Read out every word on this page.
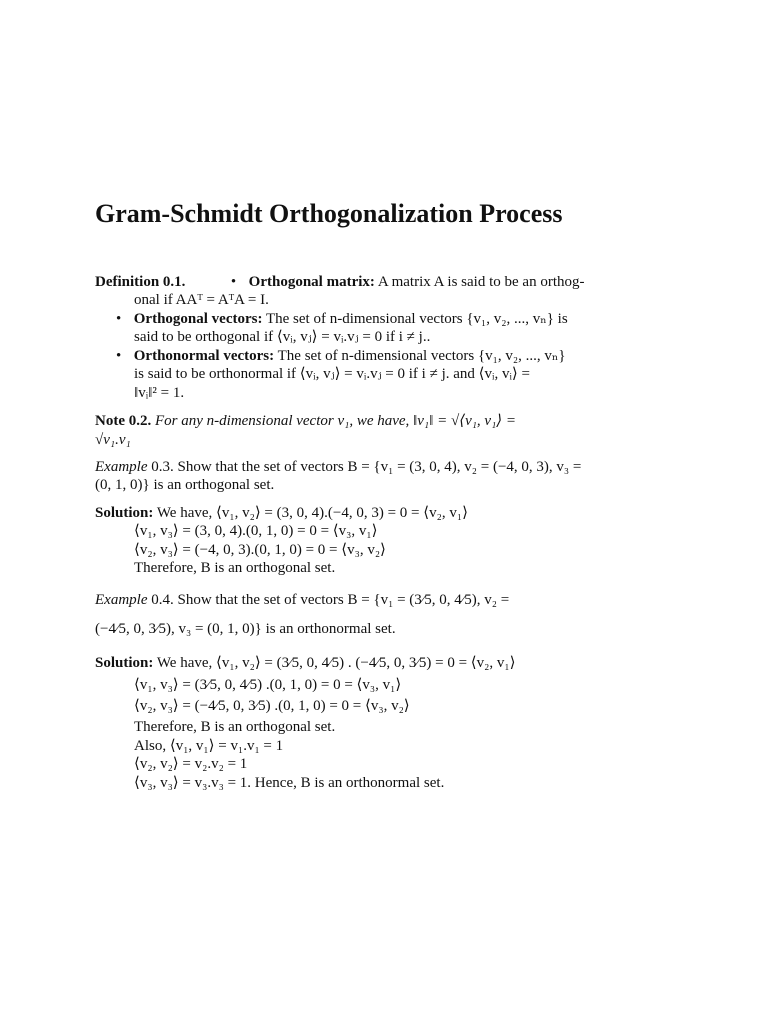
Gram-Schmidt Orthogonalization Process
Definition 0.1.	• Orthogonal matrix: A matrix A is said to be an orthog-
onal if AAᵀ = AᵀA = I.
• Orthogonal vectors: The set of n-dimensional vectors {v₁, v₂, ..., vₙ} is
said to be orthogonal if ⟨vᵢ, vⱼ⟩ = vᵢ.vⱼ = 0 if i ≠ j..
• Orthonormal vectors: The set of n-dimensional vectors {v₁, v₂, ..., vₙ}
is said to be orthonormal if ⟨vᵢ, vⱼ⟩ = vᵢ.vⱼ = 0 if i ≠ j. and ⟨vᵢ, vᵢ⟩ =
‖vᵢ‖² = 1.
Note 0.2. For any n-dimensional vector v₁, we have, ‖v₁‖ = √⟨v₁, v₁⟩ =
√v₁.v₁
Example 0.3. Show that the set of vectors B = {v₁ = (3, 0, 4), v₂ = (−4, 0, 3), v₃ =
(0, 1, 0)} is an orthogonal set.
Solution: We have, ⟨v₁, v₂⟩ = (3, 0, 4).(−4, 0, 3) = 0 = ⟨v₂, v₁⟩
⟨v₁, v₃⟩ = (3, 0, 4).(0, 1, 0) = 0 = ⟨v₃, v₁⟩
⟨v₂, v₃⟩ = (−4, 0, 3).(0, 1, 0) = 0 = ⟨v₃, v₂⟩
Therefore, B is an orthogonal set.
Example 0.4. Show that the set of vectors B = {v₁ = (3⁄5, 0, 4⁄5), v₂ =
(−4⁄5, 0, 3⁄5), v₃ = (0, 1, 0)} is an orthonormal set.
Solution: We have, ⟨v₁, v₂⟩ = (3⁄5, 0, 4⁄5) . (−4⁄5, 0, 3⁄5) = 0 = ⟨v₂, v₁⟩
⟨v₁, v₃⟩ = (3⁄5, 0, 4⁄5) .(0, 1, 0) = 0 = ⟨v₃, v₁⟩
⟨v₂, v₃⟩ = (−4⁄5, 0, 3⁄5) .(0, 1, 0) = 0 = ⟨v₃, v₂⟩
Therefore, B is an orthogonal set.
Also, ⟨v₁, v₁⟩ = v₁.v₁ = 1
⟨v₂, v₂⟩ = v₂.v₂ = 1
⟨v₃, v₃⟩ = v₃.v₃ = 1. Hence, B is an orthonormal set.
